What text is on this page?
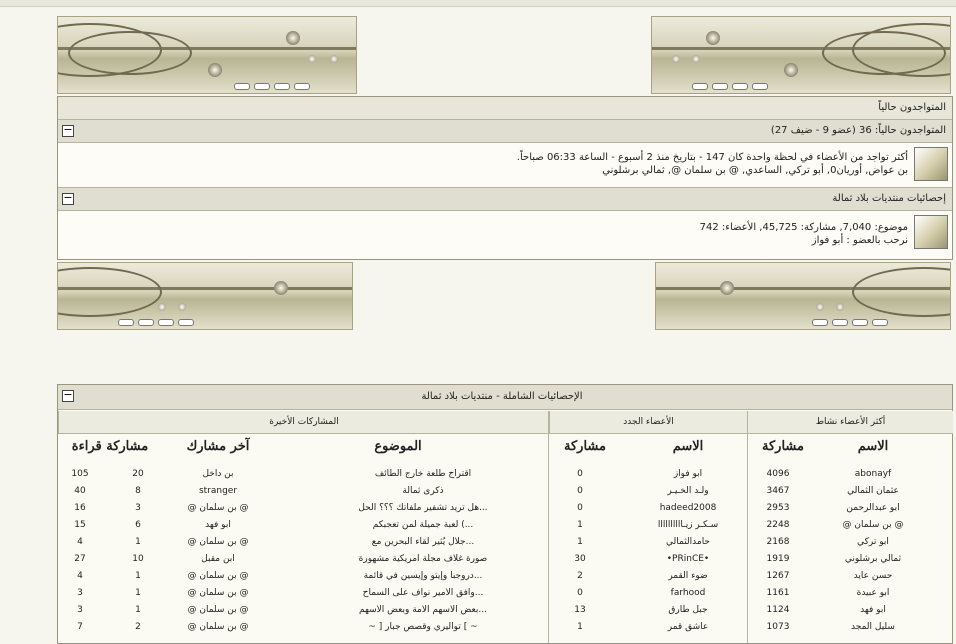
المتواجدون حالياً
المتواجدون حالياً: 36 (عضو 9 - ضيف 27)
−
أكثر تواجد من الأعضاء في لحظة واحدة كان 147 - بتاريخ منذ 2 أسبوع - الساعة 06:33 صباحاً.
بن عواض, أوريان0, أبو تركي, الساعدي, @ بن سلمان @, ثمالي برشلوني
إحصائيات منتديات بلاد ثمالة
−
موضوع: 7,040, مشاركة: 45,725, الأعضاء: 742
نرحب بالعضو : أبو فواز
الإحصائيات الشاملة - منتديات بلاد ثمالة
−
أكثر الأعضاء نشاط
الأعضاء الجدد
المشاركات الأخيرة
الاسم
مشاركة
الاسم
مشاركة
الموضوع
آخر مشارك
مشاركة قراءة
abonayf
4096
عثمان الثمالي
3467
أبو عبدالرحمن
2953
@ بن سلمان @
2248
أبو تركي
2168
ثمالي برشلوني
1919
حسن عايد
1267
أبو عبيدة
1161
أبو فهد
1124
سليل المجد
1073
أبو فواز
0
ولـد الخـيـر
0
hadeed2008
0
سـكـر زيـاااااااااا
1
حامدالثمالي
1
•PRinCE•
30
ضوء القمر
2
farhood
0
جبل طارق
13
عاشق قمر
1
اقتراح طلعة خارج الطائف
بن داخل
20
105
ذكرى ثمالة
stranger
8
40
هل تريد تشفير ملفاتك ؟؟؟ الحل...
@ بن سلمان @
3
16
لعبة جميلة لمن تعجبكم (...
أبو فهد
6
15
جلال يُثير لقاء البحرين مع...
@ بن سلمان @
1
4
صورة غلاف مجلة أمريكية مشهورة
ابن مقبل
10
27
دروجبا وإيتو وإيسين في قائمة...
@ بن سلمان @
1
4
وافق الأمير نواف على السماح...
@ بن سلمان @
1
3
بعض الأسهم الأمة وبعض الأسهم...
@ بن سلمان @
1
3
~ ] تواليري وقصص جبار [ ~
@ بن سلمان @
2
7
